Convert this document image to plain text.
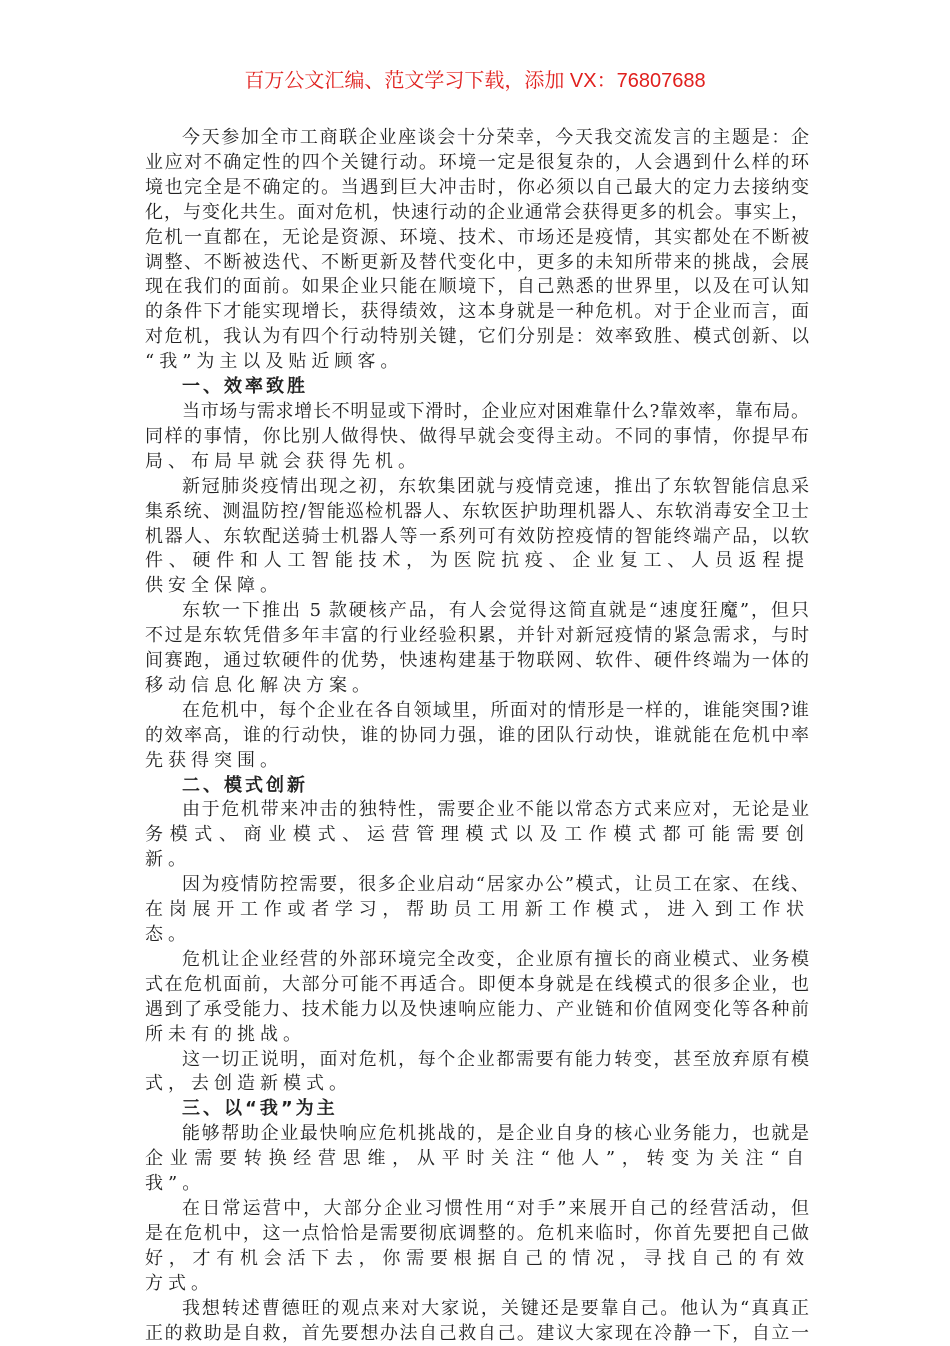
百万公文汇编、范文学习下载，添加 VX：76807688
今天参加全市工商联企业座谈会十分荣幸，今天我交流发言的主题是：企
业应对不确定性的四个关键行动。环境一定是很复杂的，人会遇到什么样的环
境也完全是不确定的。当遇到巨大冲击时，你必须以自己最大的定力去接纳变
化，与变化共生。面对危机，快速行动的企业通常会获得更多的机会。事实上，
危机一直都在，无论是资源、环境、技术、市场还是疫情，其实都处在不断被
调整、不断被迭代、不断更新及替代变化中，更多的未知所带来的挑战，会展
现在我们的面前。如果企业只能在顺境下，自己熟悉的世界里，以及在可认知
的条件下才能实现增长，获得绩效，这本身就是一种危机。对于企业而言，面
对危机，我认为有四个行动特别关键，它们分别是：效率致胜、模式创新、以
“我”为主以及贴近顾客。
一、效率致胜
当市场与需求增长不明显或下滑时，企业应对困难靠什么?靠效率，靠布局。
同样的事情，你比别人做得快、做得早就会变得主动。不同的事情，你提早布
局、布局早就会获得先机。
新冠肺炎疫情出现之初，东软集团就与疫情竞速，推出了东软智能信息采
集系统、测温防控/智能巡检机器人、东软医护助理机器人、东软消毒安全卫士
机器人、东软配送骑士机器人等一系列可有效防控疫情的智能终端产品，以软
件、硬件和人工智能技术，为医院抗疫、企业复工、人员返程提供安全保障。
东软一下推出 5 款硬核产品，有人会觉得这简直就是“速度狂魔”，但只
不过是东软凭借多年丰富的行业经验积累，并针对新冠疫情的紧急需求，与时
间赛跑，通过软硬件的优势，快速构建基于物联网、软件、硬件终端为一体的
移动信息化解决方案。
在危机中，每个企业在各自领域里，所面对的情形是一样的，谁能突围?谁
的效率高，谁的行动快，谁的协同力强，谁的团队行动快，谁就能在危机中率
先获得突围。
二、模式创新
由于危机带来冲击的独特性，需要企业不能以常态方式来应对，无论是业
务模式、商业模式、运营管理模式以及工作模式都可能需要创新。
因为疫情防控需要，很多企业启动“居家办公”模式，让员工在家、在线、
在岗展开工作或者学习，帮助员工用新工作模式，进入到工作状态。
危机让企业经营的外部环境完全改变，企业原有擅长的商业模式、业务模
式在危机面前，大部分可能不再适合。即便本身就是在线模式的很多企业，也
遇到了承受能力、技术能力以及快速响应能力、产业链和价值网变化等各种前
所未有的挑战。
这一切正说明，面对危机，每个企业都需要有能力转变，甚至放弃原有模
式，去创造新模式。
三、以“我”为主
能够帮助企业最快响应危机挑战的，是企业自身的核心业务能力，也就是
企业需要转换经营思维，从平时关注“他人”，转变为关注“自我”。
在日常运营中，大部分企业习惯性用“对手”来展开自己的经营活动，但
是在危机中，这一点恰恰是需要彻底调整的。危机来临时，你首先要把自己做
好，才有机会活下去，你需要根据自己的情况，寻找自己的有效方式。
我想转述曹德旺的观点来对大家说，关键还是要靠自己。他认为“真真正
正的救助是自救，首先要想办法自己救自己。建议大家现在冷静一下，自立一
